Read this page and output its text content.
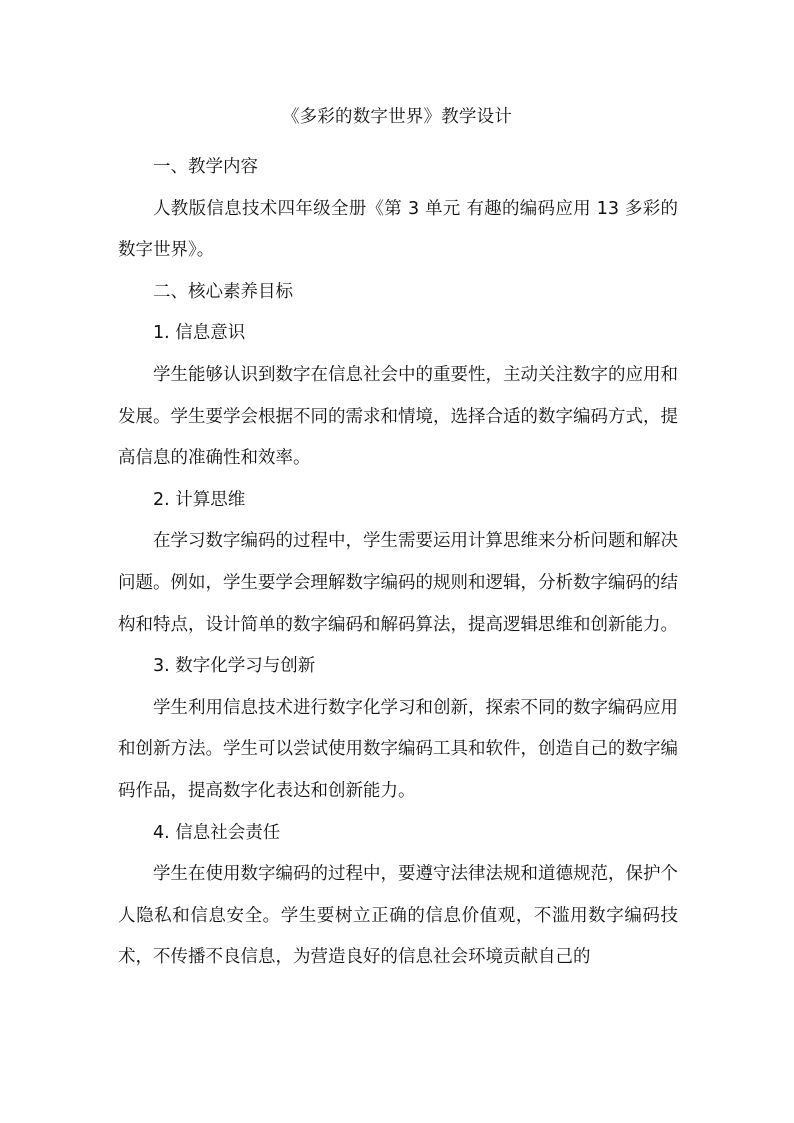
《多彩的数字世界》教学设计

一、教学内容

人教版信息技术四年级全册《第 3 单元 有趣的编码应用 13 多彩的数字世界》。

二、核心素养目标

1. 信息意识

学生能够认识到数字在信息社会中的重要性，主动关注数字的应用和发展。学生要学会根据不同的需求和情境，选择合适的数字编码方式，提高信息的准确性和效率。

2. 计算思维

在学习数字编码的过程中，学生需要运用计算思维来分析问题和解决问题。例如，学生要学会理解数字编码的规则和逻辑，分析数字编码的结构和特点，设计简单的数字编码和解码算法，提高逻辑思维和创新能力。

3. 数字化学习与创新

学生利用信息技术进行数字化学习和创新，探索不同的数字编码应用和创新方法。学生可以尝试使用数字编码工具和软件，创造自己的数字编码作品，提高数字化表达和创新能力。

4. 信息社会责任

学生在使用数字编码的过程中，要遵守法律法规和道德规范，保护个人隐私和信息安全。学生要树立正确的信息价值观，不滥用数字编码技术，不传播不良信息，为营造良好的信息社会环境贡献自己的
